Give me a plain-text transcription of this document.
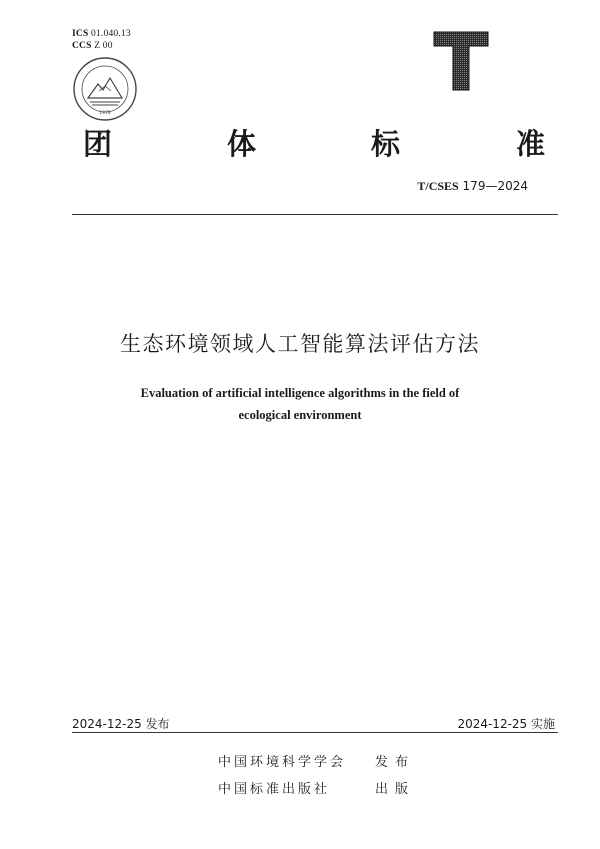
ICS 01.040.13
CCS Z 00
1978
团	体	标	准
T/CSES 179—2024
生态环境领域人工智能算法评估方法
Evaluation of artificial intelligence algorithms in the field of
ecological environment
2024-12-25 发布	2024-12-25 实施
中国环境科学学会 发布
中国标准出版社	出版
